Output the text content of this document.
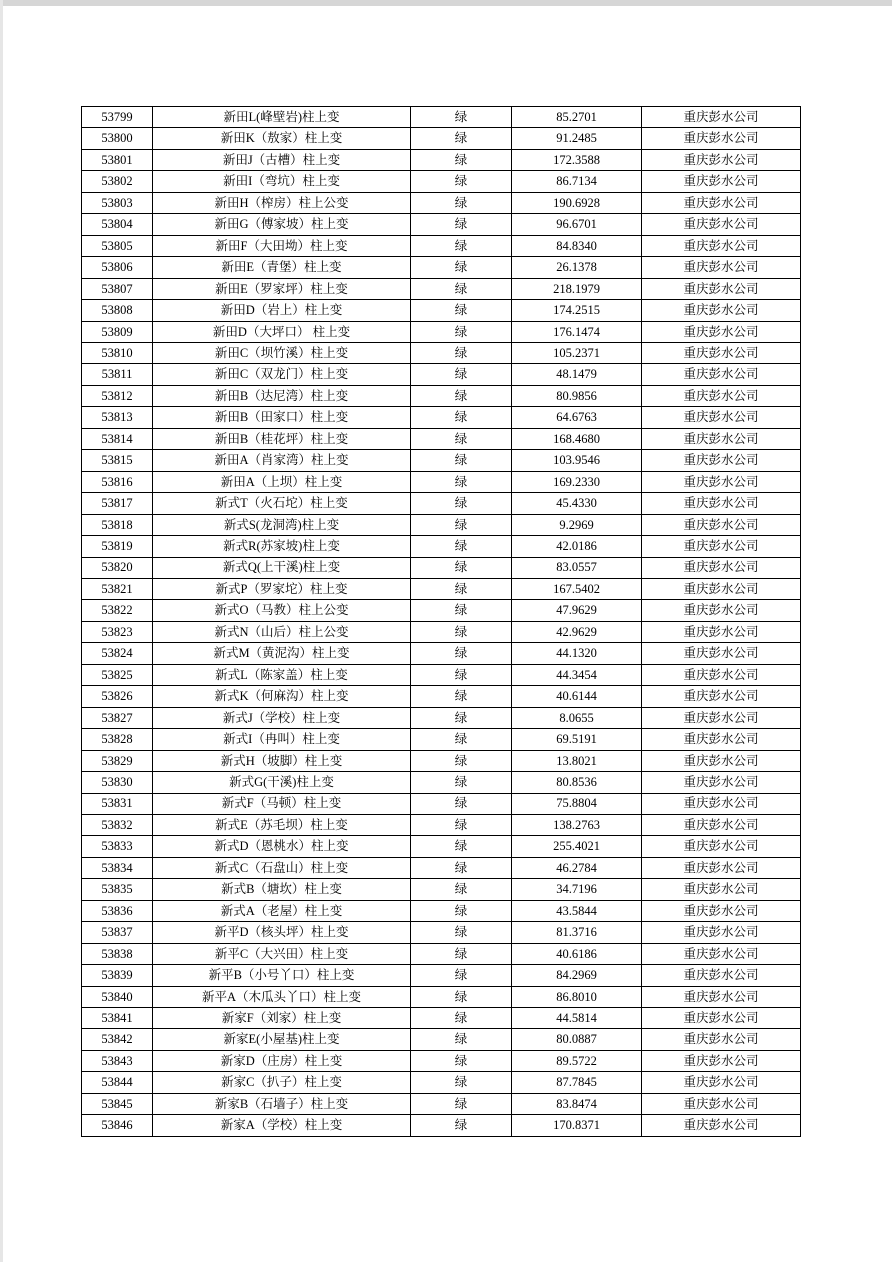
53799	新田L(峰壁岩)柱上变	绿	85.2701	重庆彭水公司
53800	新田K（敖家）柱上变	绿	91.2485	重庆彭水公司
53801	新田J（古槽）柱上变	绿	172.3588	重庆彭水公司
53802	新田I（弯坑）柱上变	绿	86.7134	重庆彭水公司
53803	新田H（榨房）柱上公变	绿	190.6928	重庆彭水公司
53804	新田G（傅家坡）柱上变	绿	96.6701	重庆彭水公司
53805	新田F（大田坳）柱上变	绿	84.8340	重庆彭水公司
53806	新田E（青堡）柱上变	绿	26.1378	重庆彭水公司
53807	新田E（罗家坪）柱上变	绿	218.1979	重庆彭水公司
53808	新田D（岩上）柱上变	绿	174.2515	重庆彭水公司
53809	新田D（大坪口） 柱上变	绿	176.1474	重庆彭水公司
53810	新田C（坝竹溪）柱上变	绿	105.2371	重庆彭水公司
53811	新田C（双龙门）柱上变	绿	48.1479	重庆彭水公司
53812	新田B（达尼湾）柱上变	绿	80.9856	重庆彭水公司
53813	新田B（田家口）柱上变	绿	64.6763	重庆彭水公司
53814	新田B（桂花坪）柱上变	绿	168.4680	重庆彭水公司
53815	新田A（肖家湾）柱上变	绿	103.9546	重庆彭水公司
53816	新田A（上坝）柱上变	绿	169.2330	重庆彭水公司
53817	新式T（火石坨）柱上变	绿	45.4330	重庆彭水公司
53818	新式S(龙洞湾)柱上变	绿	9.2969	重庆彭水公司
53819	新式R(苏家坡)柱上变	绿	42.0186	重庆彭水公司
53820	新式Q(上干溪)柱上变	绿	83.0557	重庆彭水公司
53821	新式P（罗家坨）柱上变	绿	167.5402	重庆彭水公司
53822	新式O（马教）柱上公变	绿	47.9629	重庆彭水公司
53823	新式N（山后）柱上公变	绿	42.9629	重庆彭水公司
53824	新式M（黄泥沟）柱上变	绿	44.1320	重庆彭水公司
53825	新式L（陈家盖）柱上变	绿	44.3454	重庆彭水公司
53826	新式K（何麻沟）柱上变	绿	40.6144	重庆彭水公司
53827	新式J（学校）柱上变	绿	8.0655	重庆彭水公司
53828	新式I（冉叫）柱上变	绿	69.5191	重庆彭水公司
53829	新式H（坡脚）柱上变	绿	13.8021	重庆彭水公司
53830	新式G(干溪)柱上变	绿	80.8536	重庆彭水公司
53831	新式F（马顿）柱上变	绿	75.8804	重庆彭水公司
53832	新式E（苏毛坝）柱上变	绿	138.2763	重庆彭水公司
53833	新式D（恩桃水）柱上变	绿	255.4021	重庆彭水公司
53834	新式C（石盘山）柱上变	绿	46.2784	重庆彭水公司
53835	新式B（塘坎）柱上变	绿	34.7196	重庆彭水公司
53836	新式A（老屋）柱上变	绿	43.5844	重庆彭水公司
53837	新平D（核头坪）柱上变	绿	81.3716	重庆彭水公司
53838	新平C（大兴田）柱上变	绿	40.6186	重庆彭水公司
53839	新平B（小号丫口）柱上变	绿	84.2969	重庆彭水公司
53840	新平A（木瓜头丫口）柱上变	绿	86.8010	重庆彭水公司
53841	新家F（刘家）柱上变	绿	44.5814	重庆彭水公司
53842	新家E(小屋基)柱上变	绿	80.0887	重庆彭水公司
53843	新家D（庄房）柱上变	绿	89.5722	重庆彭水公司
53844	新家C（扒子）柱上变	绿	87.7845	重庆彭水公司
53845	新家B（石墙子）柱上变	绿	83.8474	重庆彭水公司
53846	新家A（学校）柱上变	绿	170.8371	重庆彭水公司
